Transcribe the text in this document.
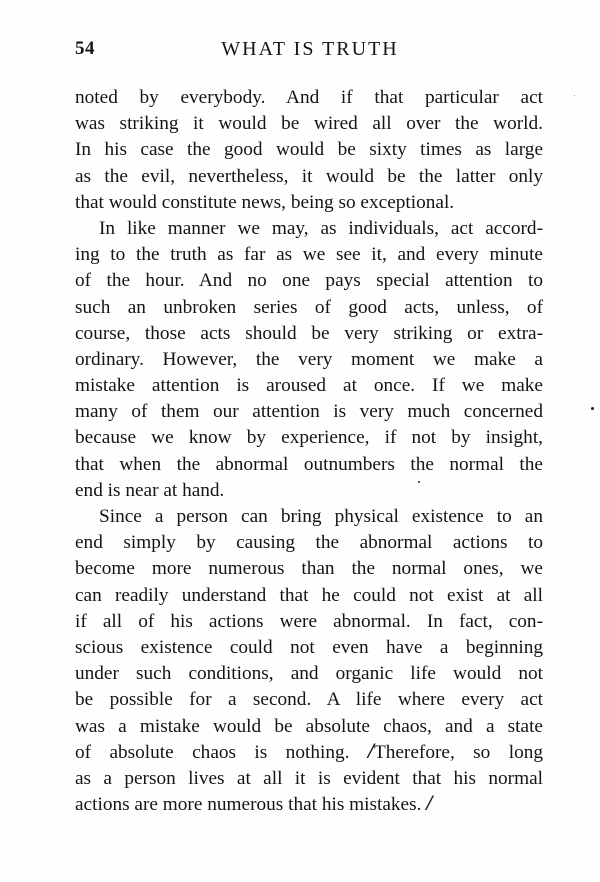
54	WHAT IS TRUTH
noted by everybody. And if that particular act
was striking it would be wired all over the world.
In his case the good would be sixty times as large
as the evil, nevertheless, it would be the latter only
that would constitute news, being so exceptional.
In like manner we may, as individuals, act accord-
ing to the truth as far as we see it, and every minute
of the hour. And no one pays special attention to
such an unbroken series of good acts, unless, of
course, those acts should be very striking or extra-
ordinary. However, the very moment we make a
mistake attention is aroused at once. If we make
many of them our attention is very much concerned
because we know by experience, if not by insight,
that when the abnormal outnumbers the normal the
end is near at hand.
Since a person can bring physical existence to an
end simply by causing the abnormal actions to
become more numerous than the normal ones, we
can readily understand that he could not exist at all
if all of his actions were abnormal. In fact, con-
scious existence could not even have a beginning
under such conditions, and organic life would not
be possible for a second. A life where every act
was a mistake would be absolute chaos, and a state
of absolute chaos is nothing. /Therefore, so long
as a person lives at all it is evident that his normal
actions are more numerous that his mistakes. /
